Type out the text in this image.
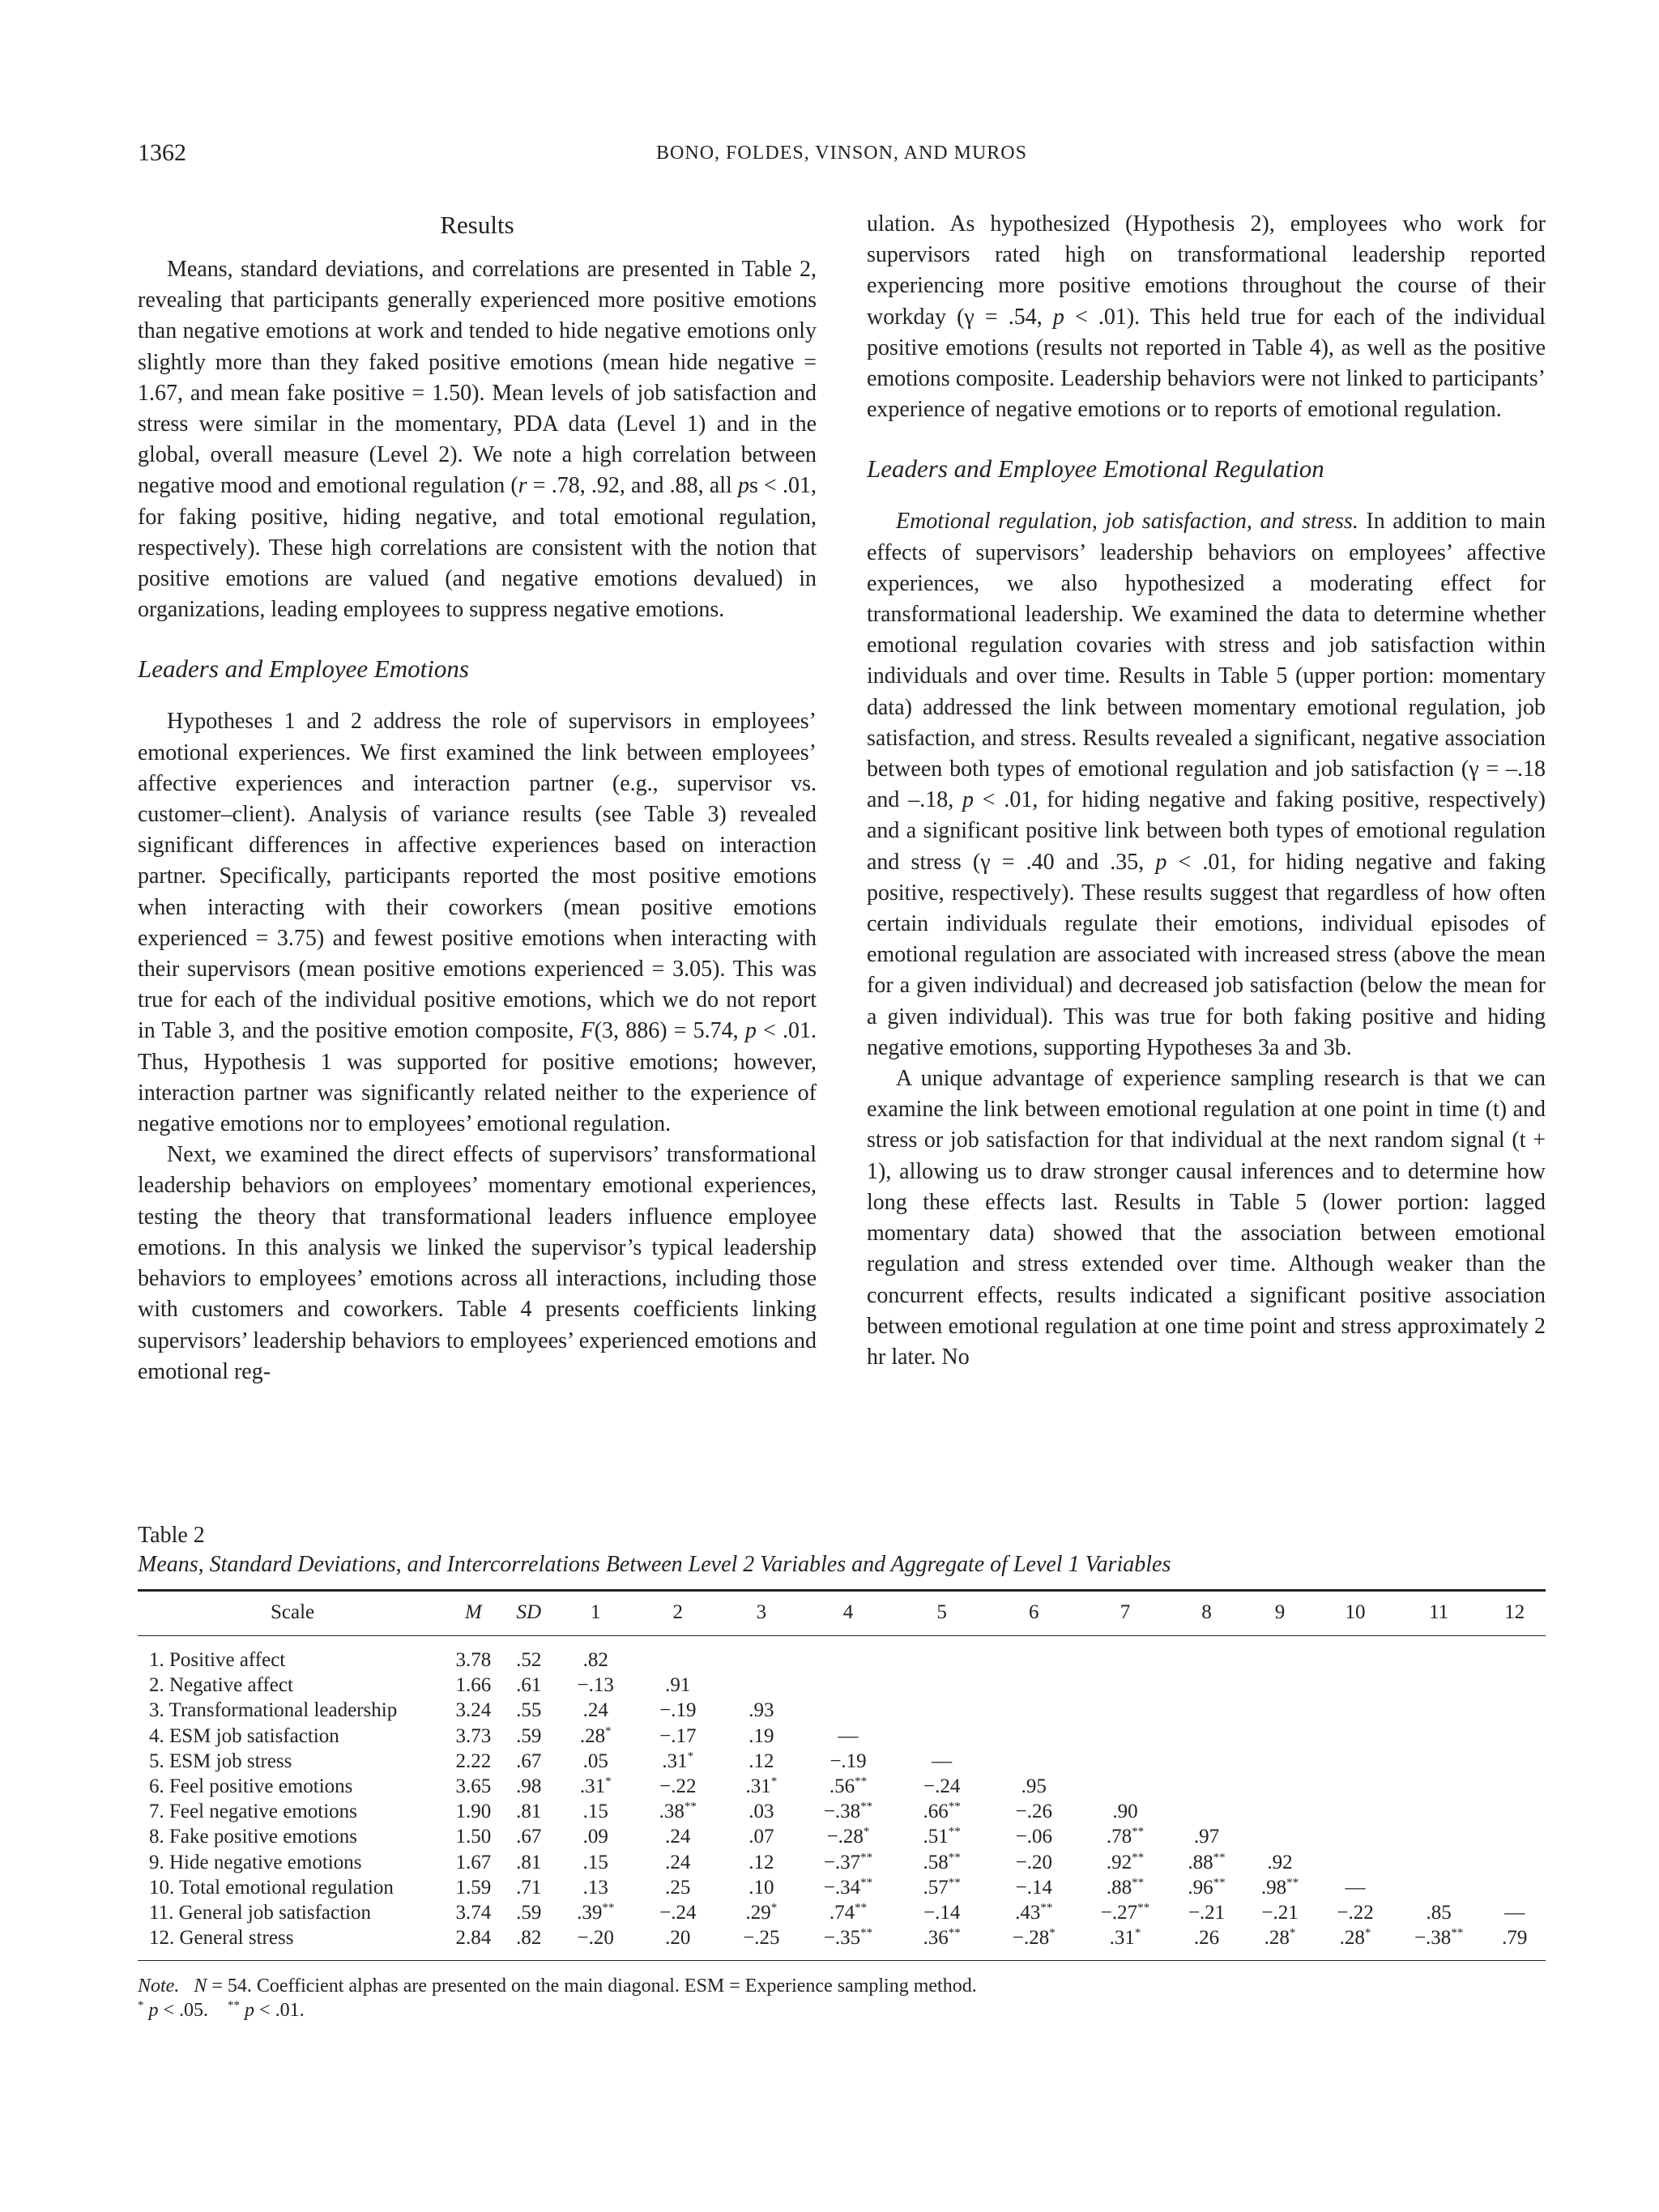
1362	BONO, FOLDES, VINSON, AND MUROS
Results

Means, standard deviations, and correlations are presented in Table 2, revealing that participants generally experienced more positive emotions than negative emotions at work and tended to hide negative emotions only slightly more than they faked positive emotions (mean hide negative = 1.67, and mean fake positive = 1.50). Mean levels of job satisfaction and stress were similar in the momentary, PDA data (Level 1) and in the global, overall measure (Level 2). We note a high correlation between negative mood and emotional regulation (r = .78, .92, and .88, all ps < .01, for faking positive, hiding negative, and total emotional regulation, respectively). These high correlations are consistent with the notion that positive emotions are valued (and negative emotions devalued) in organizations, leading employees to suppress negative emotions.

Leaders and Employee Emotions

Hypotheses 1 and 2 address the role of supervisors in employees’ emotional experiences. We first examined the link between employees’ affective experiences and interaction partner (e.g., supervisor vs. customer–client). Analysis of variance results (see Table 3) revealed significant differences in affective experiences based on interaction partner. Specifically, participants reported the most positive emotions when interacting with their coworkers (mean positive emotions experienced = 3.75) and fewest positive emotions when interacting with their supervisors (mean positive emotions experienced = 3.05). This was true for each of the individual positive emotions, which we do not report in Table 3, and the positive emotion composite, F(3, 886) = 5.74, p < .01. Thus, Hypothesis 1 was supported for positive emotions; however, interaction partner was significantly related neither to the experience of negative emotions nor to employees’ emotional regulation.

Next, we examined the direct effects of supervisors’ transformational leadership behaviors on employees’ momentary emotional experiences, testing the theory that transformational leaders influence employee emotions. In this analysis we linked the supervisor’s typical leadership behaviors to employees’ emotions across all interactions, including those with customers and coworkers. Table 4 presents coefficients linking supervisors’ leadership behaviors to employees’ experienced emotions and emotional reg-

ulation. As hypothesized (Hypothesis 2), employees who work for supervisors rated high on transformational leadership reported experiencing more positive emotions throughout the course of their workday (γ = .54, p < .01). This held true for each of the individual positive emotions (results not reported in Table 4), as well as the positive emotions composite. Leadership behaviors were not linked to participants’ experience of negative emotions or to reports of emotional regulation.

Leaders and Employee Emotional Regulation

Emotional regulation, job satisfaction, and stress. In addition to main effects of supervisors’ leadership behaviors on employees’ affective experiences, we also hypothesized a moderating effect for transformational leadership. We examined the data to determine whether emotional regulation covaries with stress and job satisfaction within individuals and over time. Results in Table 5 (upper portion: momentary data) addressed the link between momentary emotional regulation, job satisfaction, and stress. Results revealed a significant, negative association between both types of emotional regulation and job satisfaction (γ = –.18 and –.18, p < .01, for hiding negative and faking positive, respectively) and a significant positive link between both types of emotional regulation and stress (γ = .40 and .35, p < .01, for hiding negative and faking positive, respectively). These results suggest that regardless of how often certain individuals regulate their emotions, individual episodes of emotional regulation are associated with increased stress (above the mean for a given individual) and decreased job satisfaction (below the mean for a given individual). This was true for both faking positive and hiding negative emotions, supporting Hypotheses 3a and 3b.

A unique advantage of experience sampling research is that we can examine the link between emotional regulation at one point in time (t) and stress or job satisfaction for that individual at the next random signal (t + 1), allowing us to draw stronger causal inferences and to determine how long these effects last. Results in Table 5 (lower portion: lagged momentary data) showed that the association between emotional regulation and stress extended over time. Although weaker than the concurrent effects, results indicated a significant positive association between emotional regulation at one time point and stress approximately 2 hr later. No

Table 2
Means, Standard Deviations, and Intercorrelations Between Level 2 Variables and Aggregate of Level 1 Variables
Scale	M	SD	1	2	3	4	5	6	7	8	9	10	11	12
1. Positive affect	3.78	.52	.82											
2. Negative affect	1.66	.61	−.13	.91										
3. Transformational leadership	3.24	.55	.24	−.19	.93									
4. ESM job satisfaction	3.73	.59	.28*	−.17	.19	—								
5. ESM job stress	2.22	.67	.05	.31*	.12	−.19	—							
6. Feel positive emotions	3.65	.98	.31*	−.22	.31*	.56**	−.24	.95						
7. Feel negative emotions	1.90	.81	.15	.38**	.03	−.38**	.66**	−.26	.90					
8. Fake positive emotions	1.50	.67	.09	.24	.07	−.28*	.51**	−.06	.78**	.97				
9. Hide negative emotions	1.67	.81	.15	.24	.12	−.37**	.58**	−.20	.92**	.88**	.92			
10. Total emotional regulation	1.59	.71	.13	.25	.10	−.34**	.57**	−.14	.88**	.96**	.98**	—		
11. General job satisfaction	3.74	.59	.39**	−.24	.29*	.74**	−.14	.43**	−.27**	−.21	−.21	−.22	.85	—
12. General stress	2.84	.82	−.20	.20	−.25	−.35**	.36**	−.28*	.31*	.26	.28*	.28*	−.38**	.79
Note. N = 54. Coefficient alphas are presented on the main diagonal. ESM = Experience sampling method.
* p < .05. ** p < .01.
